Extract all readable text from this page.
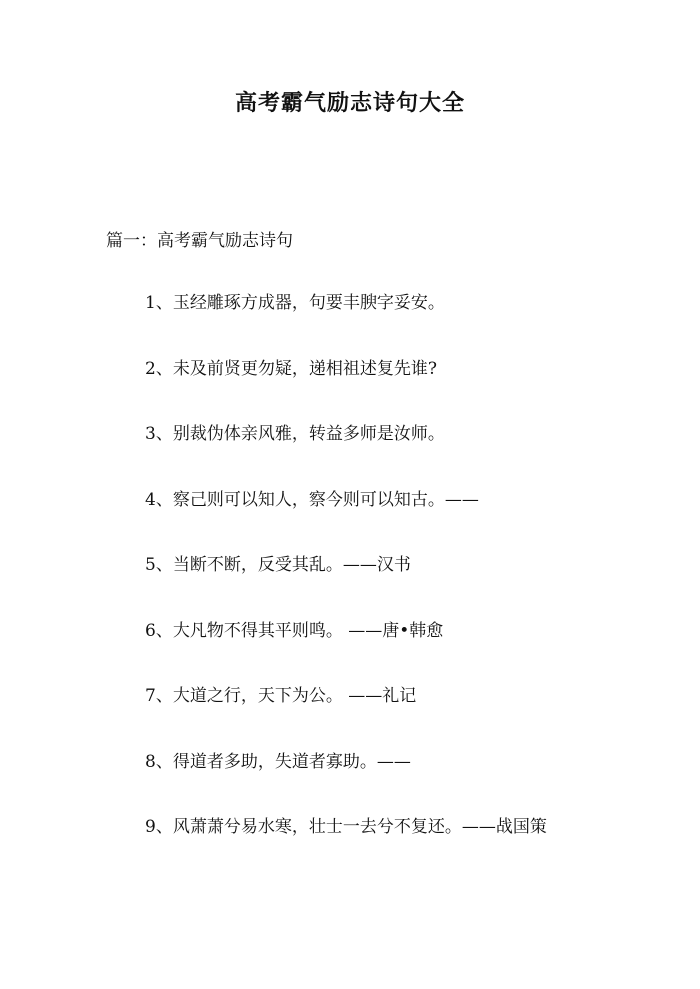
高考霸气励志诗句大全
篇一：高考霸气励志诗句
1、玉经雕琢方成器，句要丰腴字妥安。
2、未及前贤更勿疑，递相祖述复先谁?
3、别裁伪体亲风雅，转益多师是汝师。
4、察己则可以知人，察今则可以知古。——
5、当断不断，反受其乱。——汉书
6、大凡物不得其平则鸣。 ——唐•韩愈
7、大道之行，天下为公。 ——礼记
8、得道者多助，失道者寡助。——
9、风萧萧兮易水寒，壮士一去兮不复还。——战国策
